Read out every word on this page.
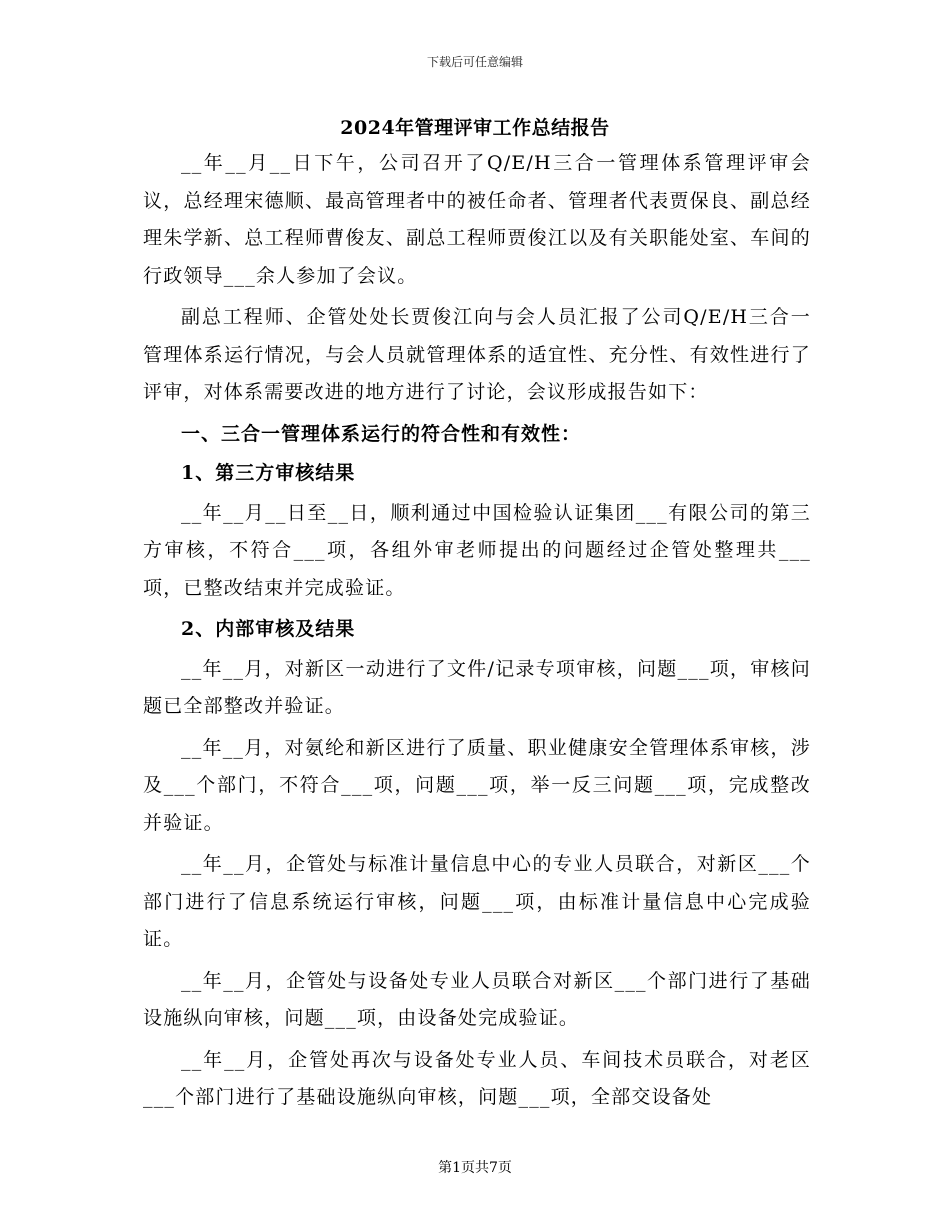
下载后可任意编辑
2024年管理评审工作总结报告

__年__月__日下午，公司召开了Q/E/H三合一管理体系管理评审会议，总经理宋德顺、最高管理者中的被任命者、管理者代表贾保良、副总经理朱学新、总工程师曹俊友、副总工程师贾俊江以及有关职能处室、车间的行政领导___余人参加了会议。

副总工程师、企管处处长贾俊江向与会人员汇报了公司Q/E/H三合一管理体系运行情况，与会人员就管理体系的适宜性、充分性、有效性进行了评审，对体系需要改进的地方进行了讨论，会议形成报告如下：

一、三合一管理体系运行的符合性和有效性：
1、第三方审核结果

__年__月__日至__日，顺利通过中国检验认证集团___有限公司的第三方审核，不符合___项，各组外审老师提出的问题经过企管处整理共___项，已整改结束并完成验证。

2、内部审核及结果

__年__月，对新区一动进行了文件/记录专项审核，问题___项，审核问题已全部整改并验证。

__年__月，对氨纶和新区进行了质量、职业健康安全管理体系审核，涉及___个部门，不符合___项，问题___项，举一反三问题___项，完成整改并验证。

__年__月，企管处与标准计量信息中心的专业人员联合，对新区___个部门进行了信息系统运行审核，问题___项，由标准计量信息中心完成验证。

__年__月，企管处与设备处专业人员联合对新区___个部门进行了基础设施纵向审核，问题___项，由设备处完成验证。

__年__月，企管处再次与设备处专业人员、车间技术员联合，对老区___个部门进行了基础设施纵向审核，问题___项，全部交设备处

第1页共7页
